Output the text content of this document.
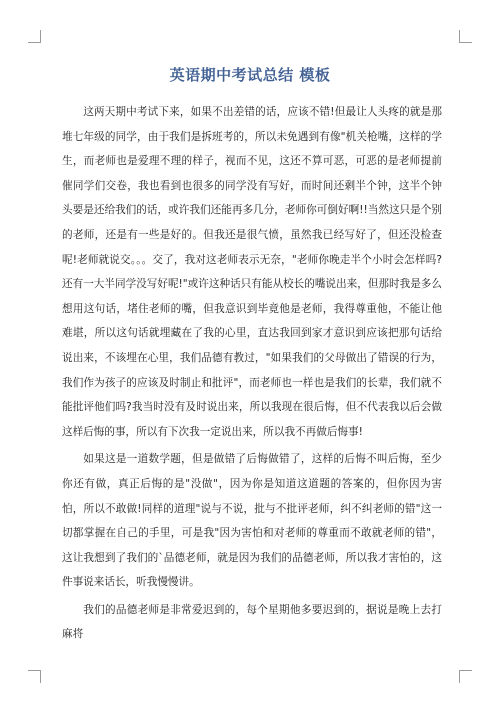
英语期中考试总结 模板

这两天期中考试下来，如果不出差错的话，应该不错!但最让人头疼的就是那堆七年级的同学，由于我们是拆班考的，所以未免遇到有像"机关枪嘴，这样的学生，而老师也是爱理不理的样子，视而不见，这还不算可恶，可恶的是老师提前催同学们交卷，我也看到也很多的同学没有写好，而时间还剩半个钟，这半个钟头要是还给我们的话，或许我们还能再多几分，老师你可倒好啊!!当然这只是个别的老师，还是有一些是好的。但我还是很气愤，虽然我已经写好了，但还没检查呢!老师就说交。。。交了，我对这老师表示无奈，"老师你晚走半个小时会怎样吗?还有一大半同学没写好呢!"或许这种话只有能从校长的嘴说出来，但那时我是多么想用这句话，堵住老师的嘴，但我意识到毕竟他是老师，我得尊重他，不能让他难堪，所以这句话就埋藏在了我的心里，直达我回到家才意识到应该把那句话给说出来，不该埋在心里，我们品德有教过，"如果我们的父母做出了错误的行为，我们作为孩子的应该及时制止和批评"，而老师也一样也是我们的长辈，我们就不能批评他们吗?我当时没有及时说出来，所以我现在很后悔，但不代表我以后会做这样后悔的事，所以有下次我一定说出来，所以我不再做后悔事!

如果这是一道数学题，但是做错了后悔做错了，这样的后悔不叫后悔，至少你还有做，真正后悔的是"没做"，因为你是知道这道题的答案的，但你因为害怕，所以不敢做!同样的道理"说与不说，批与不批评老师，纠不纠老师的错"这一切都掌握在自己的手里，可是我"因为害怕和对老师的尊重而不敢就老师的错"，这让我想到了我们的`品德老师，就是因为我们的品德老师，所以我才害怕的，这件事说来话长，听我慢慢讲。

我们的品德老师是非常爱迟到的，每个星期他多要迟到的，据说是晚上去打麻将
